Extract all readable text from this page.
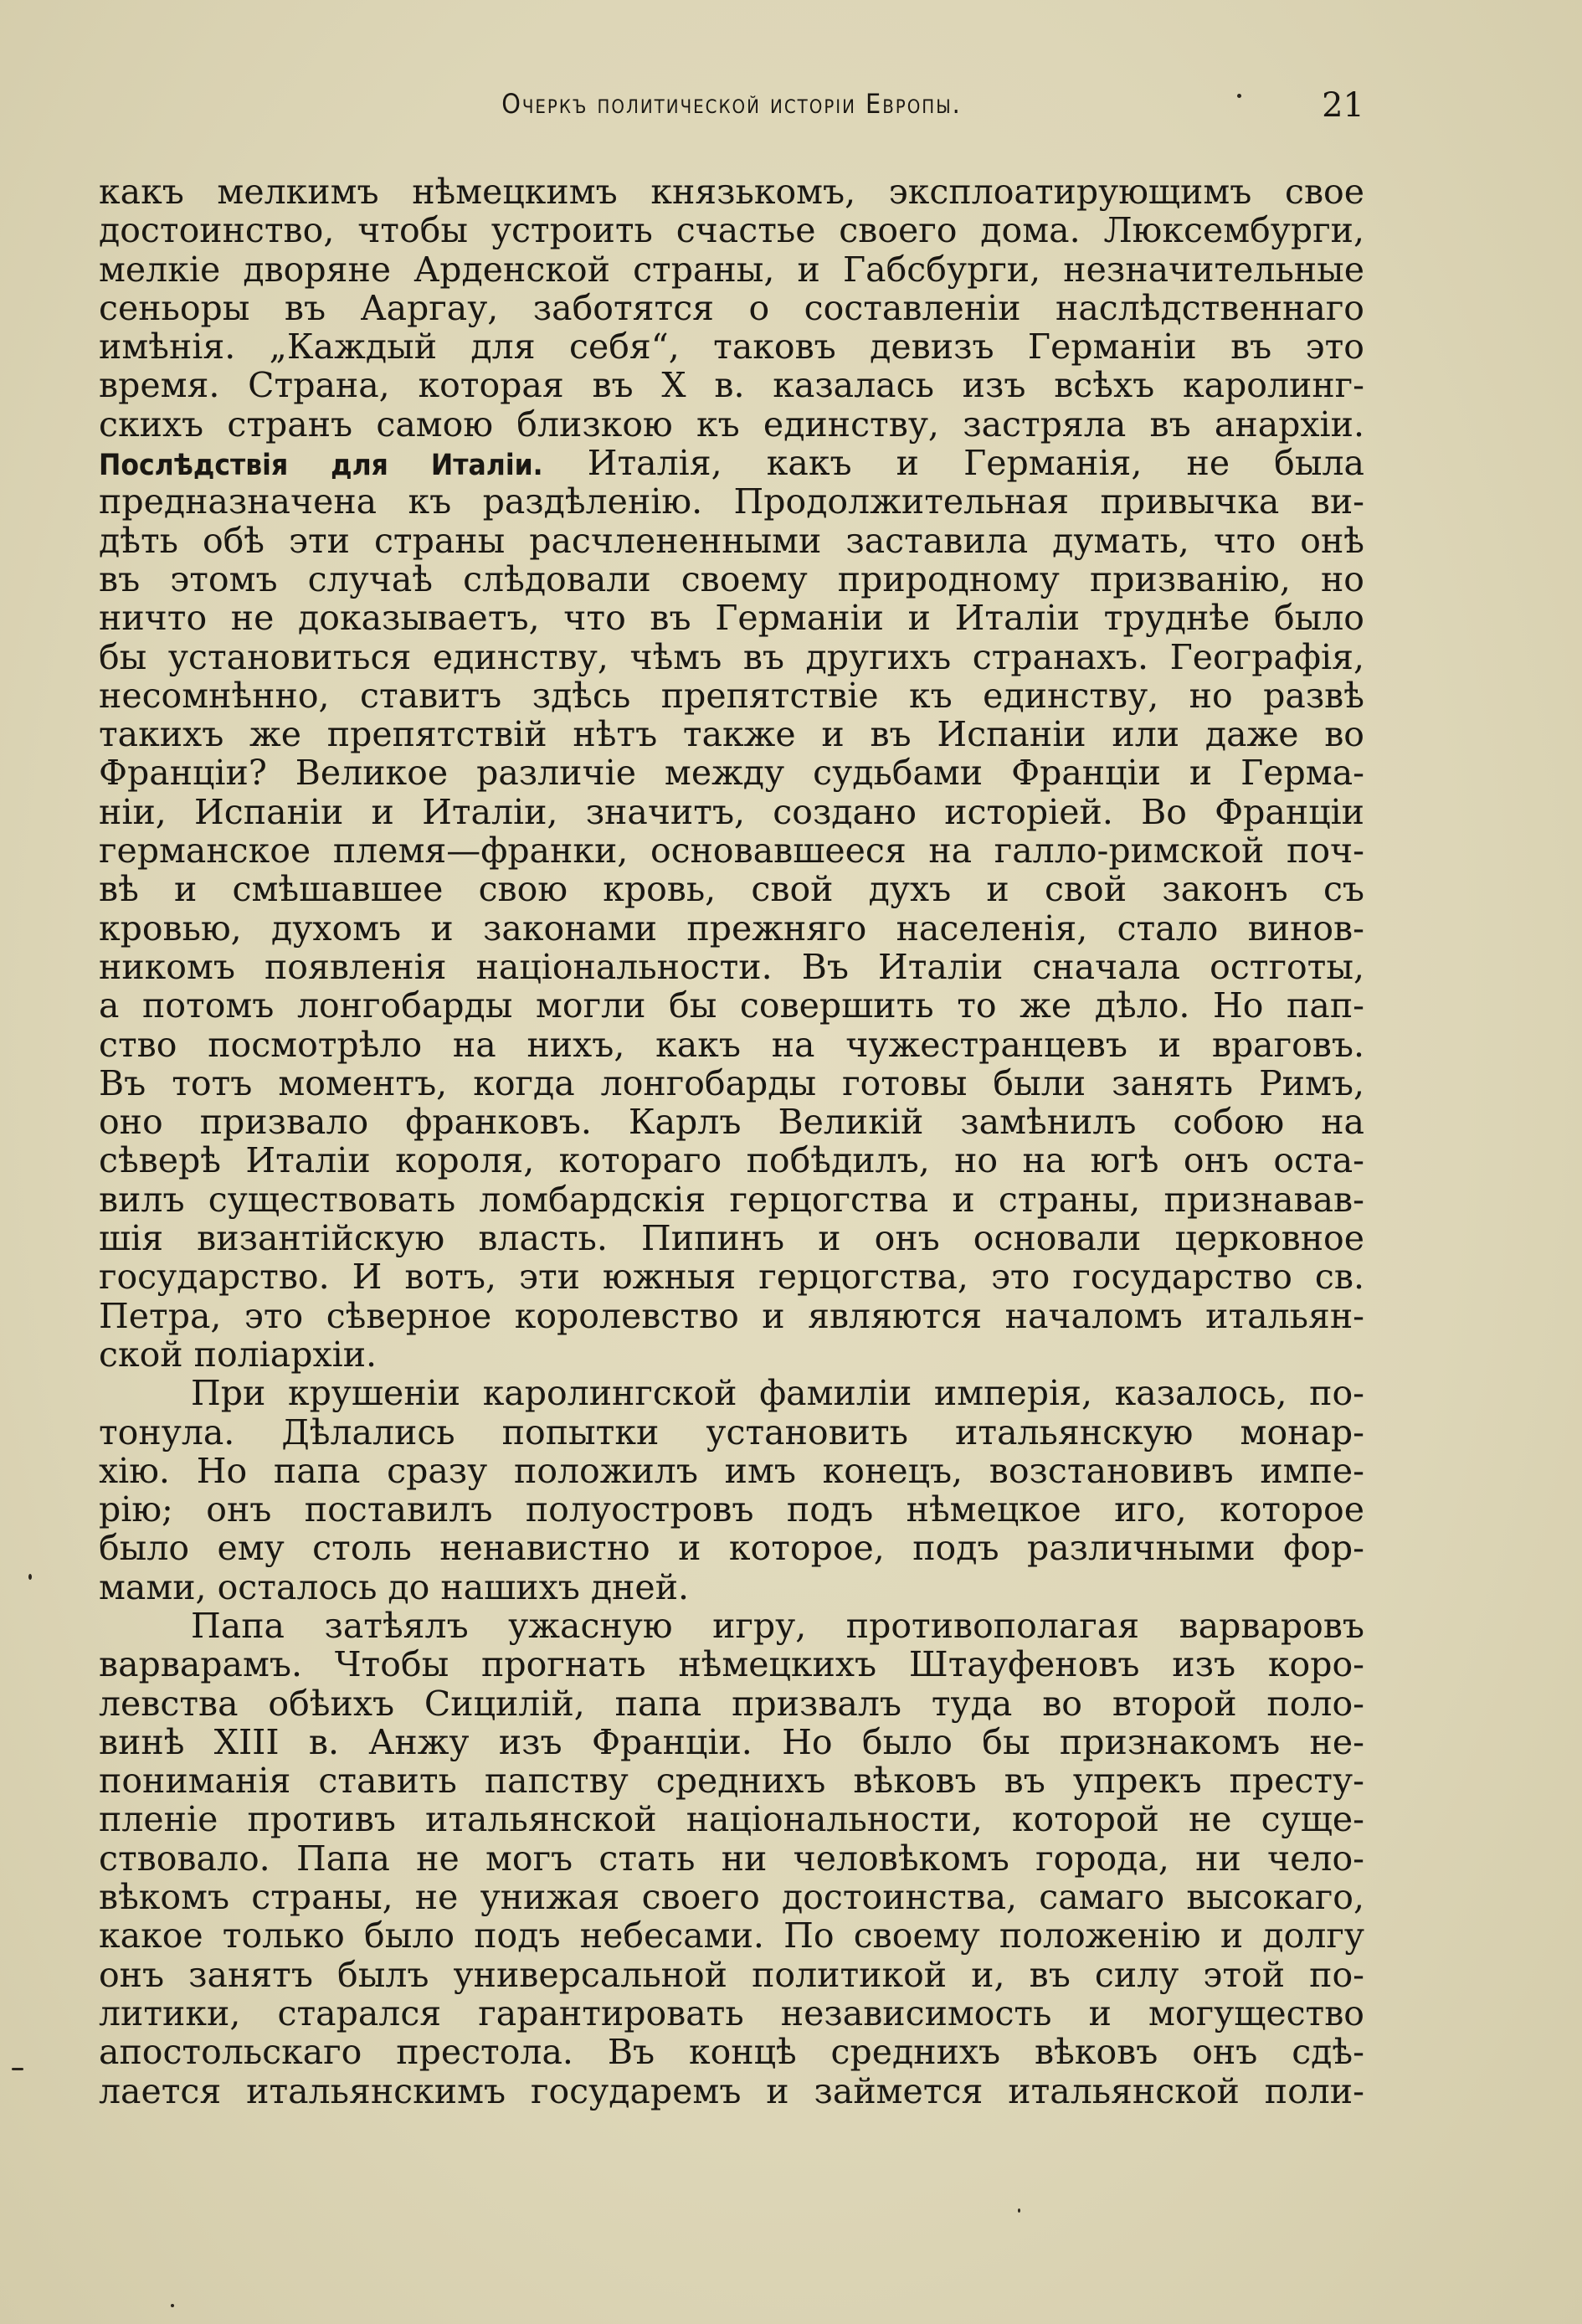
Очеркъ политической исторіи Европы.	21
какъ мелкимъ нѣмецкимъ князькомъ, эксплоатирующимъ свое
достоинство, чтобы устроить счастье своего дома. Люксембурги,
мелкіе дворяне Арденской страны, и Габсбурги, незначительные
сеньоры въ Ааргау, заботятся о составленіи наслѣдственнаго
имѣнія. „Каждый для себя“, таковъ девизъ Германіи въ это
время. Страна, которая въ X в. казалась изъ всѣхъ каролинг-
скихъ странъ самою близкою къ единству, застряла въ анархіи.
Послѣдствія для Италіи. Италія, какъ и Германія, не была
предназначена къ раздѣленію. Продолжительная привычка ви-
дѣть обѣ эти страны расчлененными заставила думать, что онѣ
въ этомъ случаѣ слѣдовали своему природному призванію, но
ничто не доказываетъ, что въ Германіи и Италіи труднѣе было
бы установиться единству, чѣмъ въ другихъ странахъ. Географія,
несомнѣнно, ставитъ здѣсь препятствіе къ единству, но развѣ
такихъ же препятствій нѣтъ также и въ Испаніи или даже во
Франціи? Великое различіе между судьбами Франціи и Герма-
ніи, Испаніи и Италіи, значитъ, создано исторіей. Во Франціи
германское племя—франки, основавшееся на галло-римской поч-
вѣ и смѣшавшее свою кровь, свой духъ и свой законъ съ
кровью, духомъ и законами прежняго населенія, стало винов-
никомъ появленія національности. Въ Италіи сначала остготы,
а потомъ лонгобарды могли бы совершить то же дѣло. Но пап-
ство посмотрѣло на нихъ, какъ на чужестранцевъ и враговъ.
Въ тотъ моментъ, когда лонгобарды готовы были занять Римъ,
оно призвало франковъ. Карлъ Великій замѣнилъ собою на
сѣверѣ Италіи короля, котораго побѣдилъ, но на югѣ онъ оста-
вилъ существовать ломбардскія герцогства и страны, признавав-
шія византійскую власть. Пипинъ и онъ основали церковное
государство. И вотъ, эти южныя герцогства, это государство св.
Петра, это сѣверное королевство и являются началомъ итальян-
ской поліархіи.
При крушеніи каролингской фамиліи имперія, казалось, по-
тонула. Дѣлались попытки установить итальянскую монар-
хію. Но папа сразу положилъ имъ конецъ, возстановивъ импе-
рію; онъ поставилъ полуостровъ подъ нѣмецкое иго, которое
было ему столь ненавистно и которое, подъ различными фор-
мами, осталось до нашихъ дней.
Папа затѣялъ ужасную игру, противополагая варваровъ
варварамъ. Чтобы прогнать нѣмецкихъ Штауфеновъ изъ коро-
левства обѣихъ Сицилій, папа призвалъ туда во второй поло-
винѣ XIII в. Анжу изъ Франціи. Но было бы признакомъ не-
пониманія ставить папству среднихъ вѣковъ въ упрекъ престу-
пленіе противъ итальянской національности, которой не суще-
ствовало. Папа не могъ стать ни человѣкомъ города, ни чело-
вѣкомъ страны, не унижая своего достоинства, самаго высокаго,
какое только было подъ небесами. По своему положенію и долгу
онъ занятъ былъ универсальной политикой и, въ силу этой по-
литики, старался гарантировать независимость и могущество
апостольскаго престола. Въ концѣ среднихъ вѣковъ онъ сдѣ-
лается итальянскимъ государемъ и займется итальянской поли-
